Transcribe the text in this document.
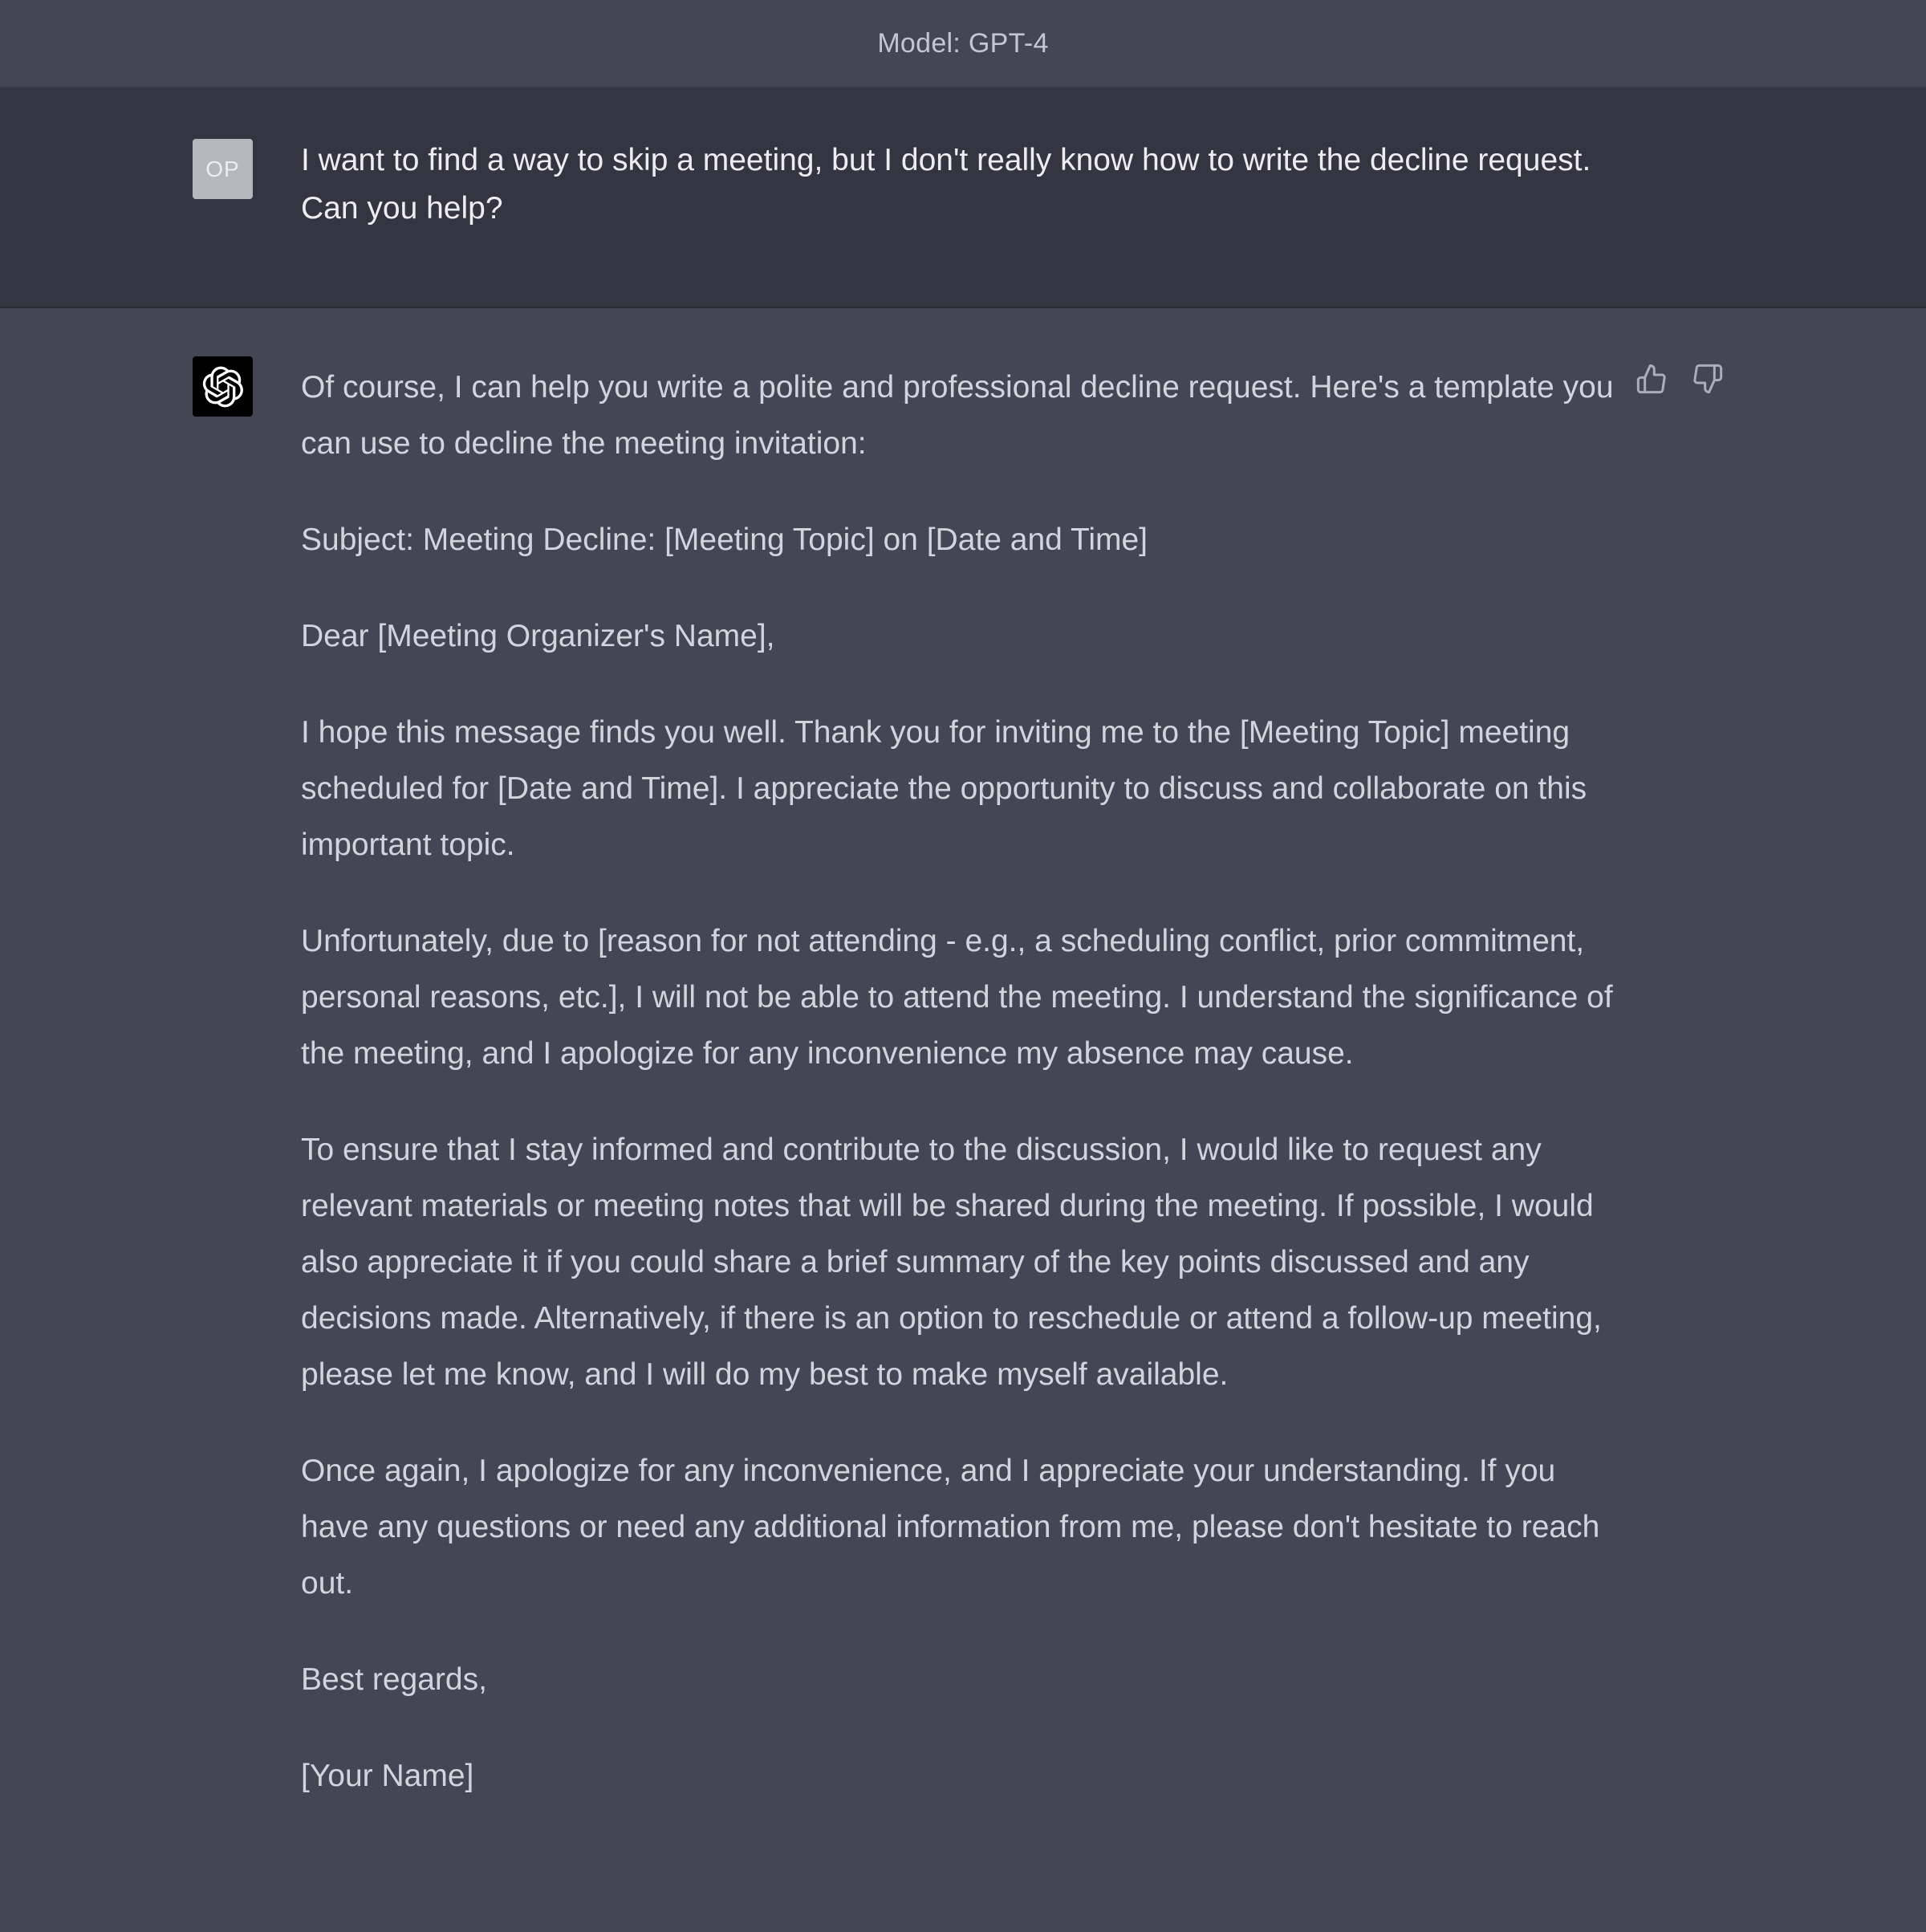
Model: GPT-4
OP I want to find a way to skip a meeting, but I don't really know how to write the decline request. Can you help?

Of course, I can help you write a polite and professional decline request. Here's a template you can use to decline the meeting invitation:

Subject: Meeting Decline: [Meeting Topic] on [Date and Time]

Dear [Meeting Organizer's Name],

I hope this message finds you well. Thank you for inviting me to the [Meeting Topic] meeting scheduled for [Date and Time]. I appreciate the opportunity to discuss and collaborate on this important topic.

Unfortunately, due to [reason for not attending - e.g., a scheduling conflict, prior commitment, personal reasons, etc.], I will not be able to attend the meeting. I understand the significance of the meeting, and I apologize for any inconvenience my absence may cause.

To ensure that I stay informed and contribute to the discussion, I would like to request any relevant materials or meeting notes that will be shared during the meeting. If possible, I would also appreciate it if you could share a brief summary of the key points discussed and any decisions made. Alternatively, if there is an option to reschedule or attend a follow-up meeting, please let me know, and I will do my best to make myself available.

Once again, I apologize for any inconvenience, and I appreciate your understanding. If you have any questions or need any additional information from me, please don't hesitate to reach out.

Best regards,

[Your Name]
